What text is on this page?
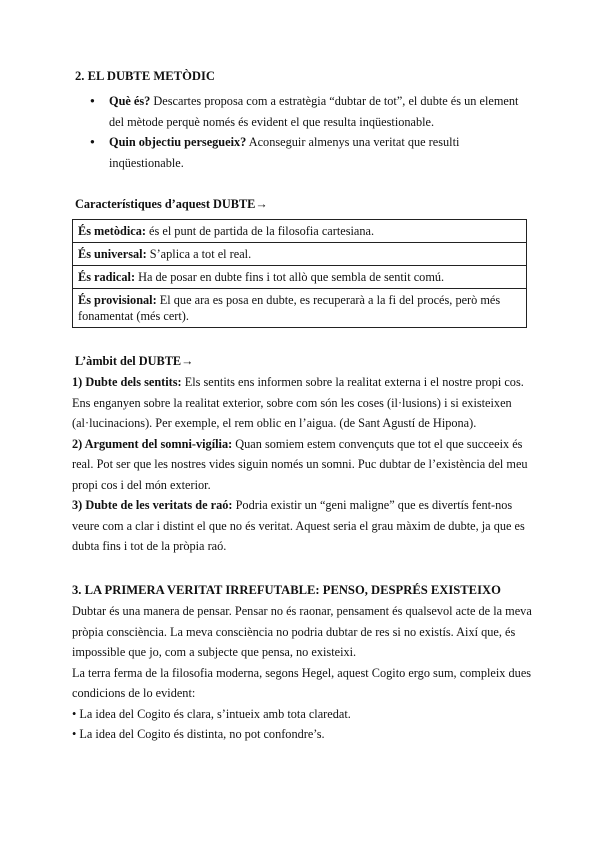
2. EL DUBTE METÒDIC
● Què és? Descartes proposa com a estratègia “dubtar de tot”, el dubte és un element del mètode perquè només és evident el que resulta inqüestionable.
● Quin objectiu persegueix? Aconseguir almenys una veritat que resulti inqüestionable.
Característiques d’aquest DUBTE→
És metòdica: és el punt de partida de la filosofia cartesiana.
És universal: S’aplica a tot el real.
És radical: Ha de posar en dubte fins i tot allò que sembla de sentit comú.
És provisional: El que ara es posa en dubte, es recuperarà a la fi del procés, però més fonamentat (més cert).
L’àmbit del DUBTE→

1) Dubte dels sentits: Els sentits ens informen sobre la realitat externa i el nostre propi cos. Ens enganyen sobre la realitat exterior, sobre com són les coses (il·lusions) i si existeixen (al·lucinacions). Per exemple, el rem oblic en l’aigua. (de Sant Agustí de Hipona).

2) Argument del somni-vigília: Quan somiem estem convençuts que tot el que succeeix és real. Pot ser que les nostres vides siguin només un somni. Puc dubtar de l’existència del meu propi cos i del món exterior.

3) Dubte de les veritats de raó: Podria existir un “geni maligne” que es divertís fent-nos veure com a clar i distint el que no és veritat. Aquest seria el grau màxim de dubte, ja que es dubta fins i tot de la pròpia raó.

3. LA PRIMERA VERITAT IRREFUTABLE: PENSO, DESPRÉS EXISTEIXO

Dubtar és una manera de pensar. Pensar no és raonar, pensament és qualsevol acte de la meva pròpia consciència. La meva consciència no podria dubtar de res si no existís. Així que, és impossible que jo, com a subjecte que pensa, no existeixi.

La terra ferma de la filosofia moderna, segons Hegel, aquest Cogito ergo sum, compleix dues condicions de lo evident:

• La idea del Cogito és clara, s’intueix amb tota claredat.

• La idea del Cogito és distinta, no pot confondre’s.
